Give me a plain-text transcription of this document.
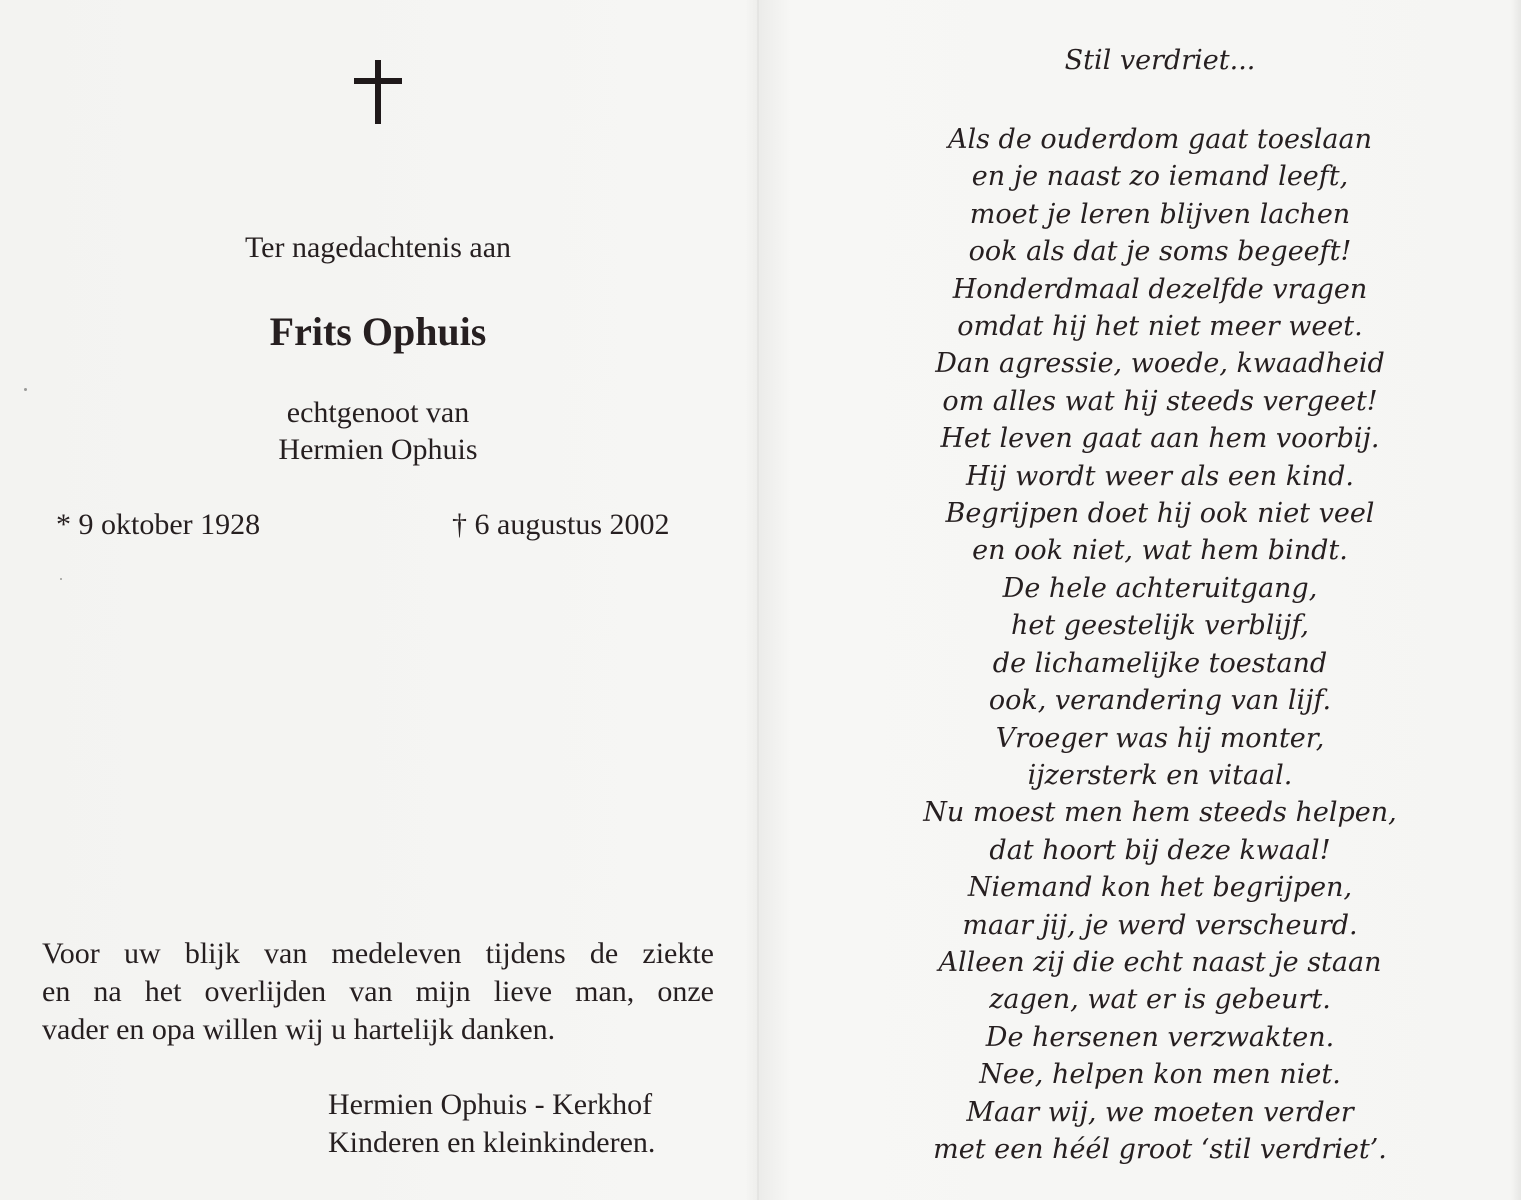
Ter nagedachtenis aan
Frits Ophuis
echtgenoot van
Hermien Ophuis
* 9 oktober 1928	† 6 augustus 2002
Voor uw blijk van medeleven tijdens de ziekte
en na het overlijden van mijn lieve man, onze
vader en opa willen wij u hartelijk danken.
Hermien Ophuis - Kerkhof
Kinderen en kleinkinderen.
Stil verdriet...
Als de ouderdom gaat toeslaan
en je naast zo iemand leeft,
moet je leren blijven lachen
ook als dat je soms begeeft!
Honderdmaal dezelfde vragen
omdat hij het niet meer weet.
Dan agressie, woede, kwaadheid
om alles wat hij steeds vergeet!
Het leven gaat aan hem voorbij.
Hij wordt weer als een kind.
Begrijpen doet hij ook niet veel
en ook niet, wat hem bindt.
De hele achteruitgang,
het geestelijk verblijf,
de lichamelijke toestand
ook, verandering van lijf.
Vroeger was hij monter,
ijzersterk en vitaal.
Nu moest men hem steeds helpen,
dat hoort bij deze kwaal!
Niemand kon het begrijpen,
maar jij, je werd verscheurd.
Alleen zij die echt naast je staan
zagen, wat er is gebeurt.
De hersenen verzwakten.
Nee, helpen kon men niet.
Maar wij, we moeten verder
met een héél groot ‘stil verdriet’.
